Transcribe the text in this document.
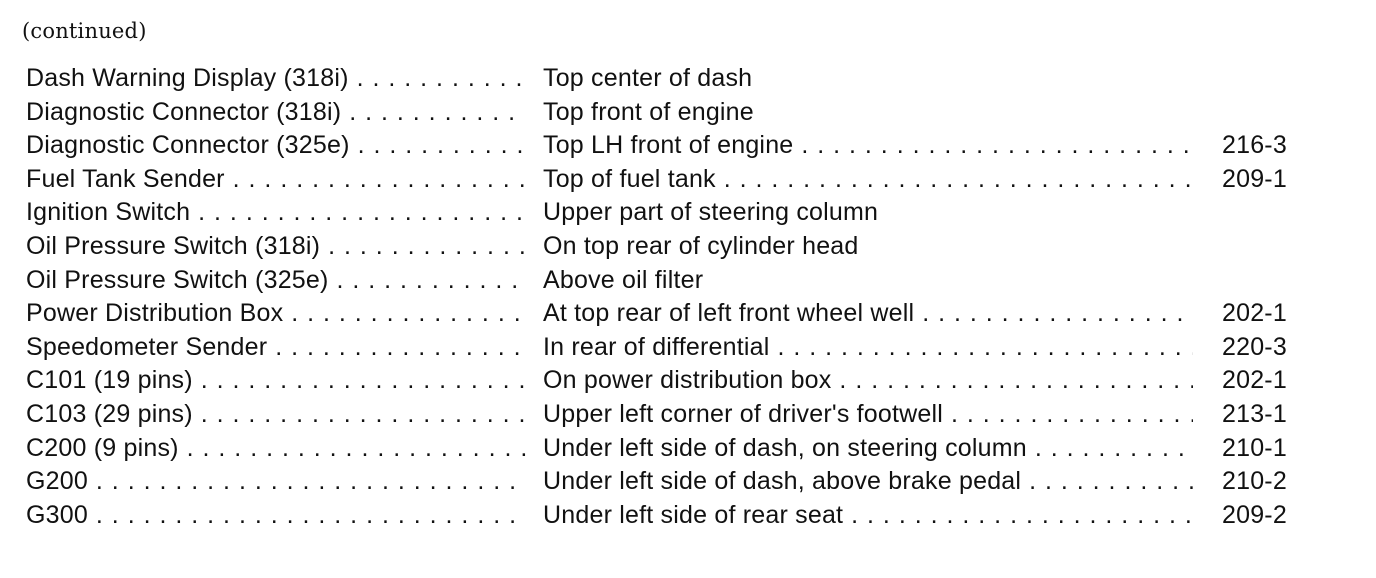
(continued)
Dash Warning Display (318i) . . .	Top center of dash
Diagnostic Connector (318i) . . .	Top front of engine
Diagnostic Connector (325e) . . .	Top LH front of engine . . .	216-3
Fuel Tank Sender . . .	Top of fuel tank . . .	209-1
Ignition Switch . . .	Upper part of steering column
Oil Pressure Switch (318i) . . .	On top rear of cylinder head
Oil Pressure Switch (325e) . . .	Above oil filter
Power Distribution Box . . .	At top rear of left front wheel well . . .	202-1
Speedometer Sender . . .	In rear of differential . . .	220-3
C101 (19 pins) . . .	On power distribution box . . .	202-1
C103 (29 pins) . . .	Upper left corner of driver's footwell . . .	213-1
C200 (9 pins) . . .	Under left side of dash, on steering column . . .	210-1
G200 . . .	Under left side of dash, above brake pedal . . .	210-2
G300 . . .	Under left side of rear seat . . .	209-2
